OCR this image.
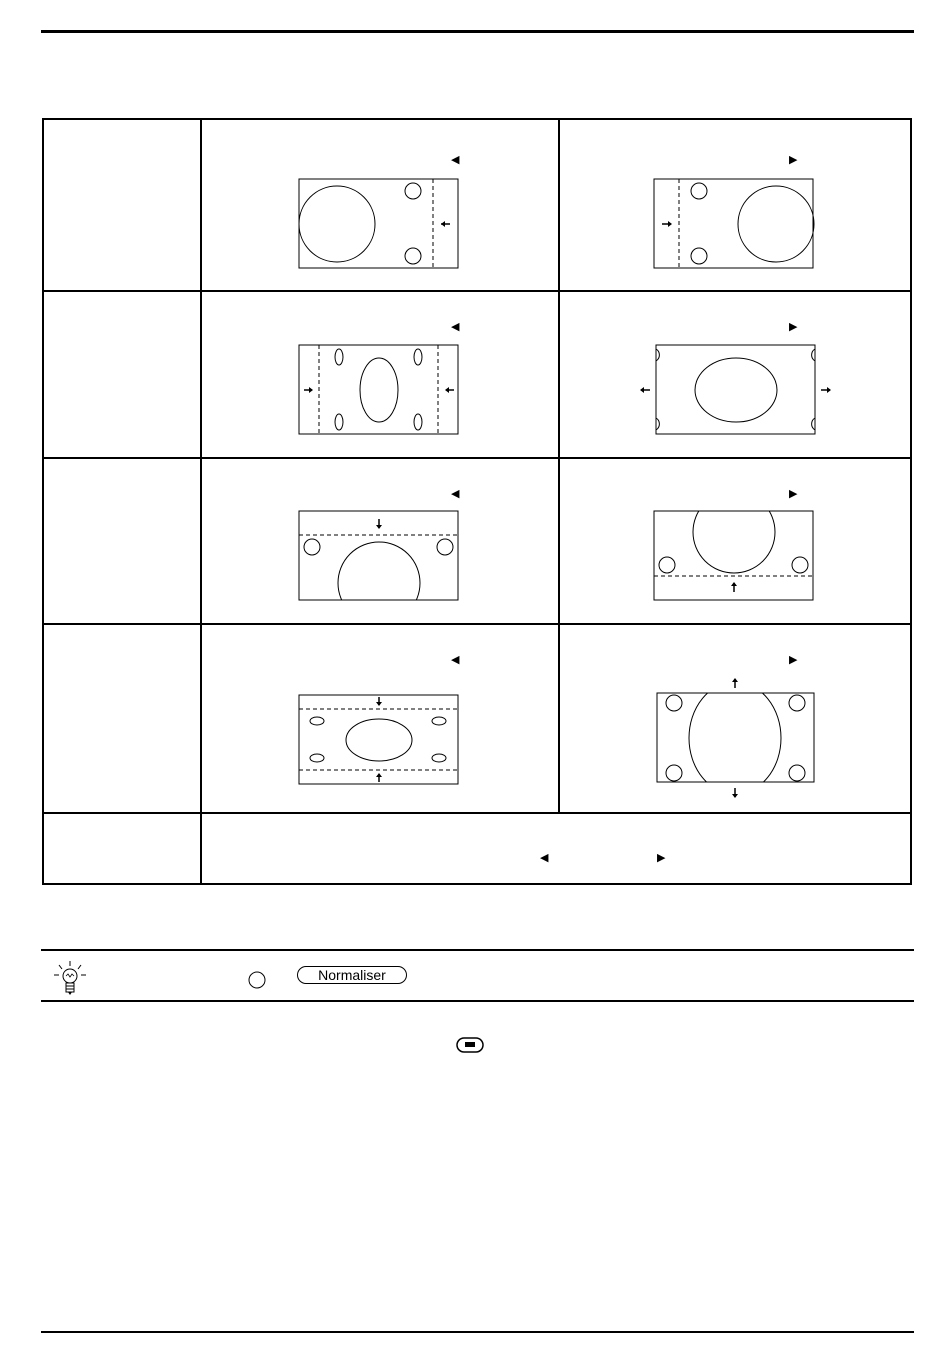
◀	▶
◀	▶
◀	▶
◀	▶
◀	▶
Normaliser
